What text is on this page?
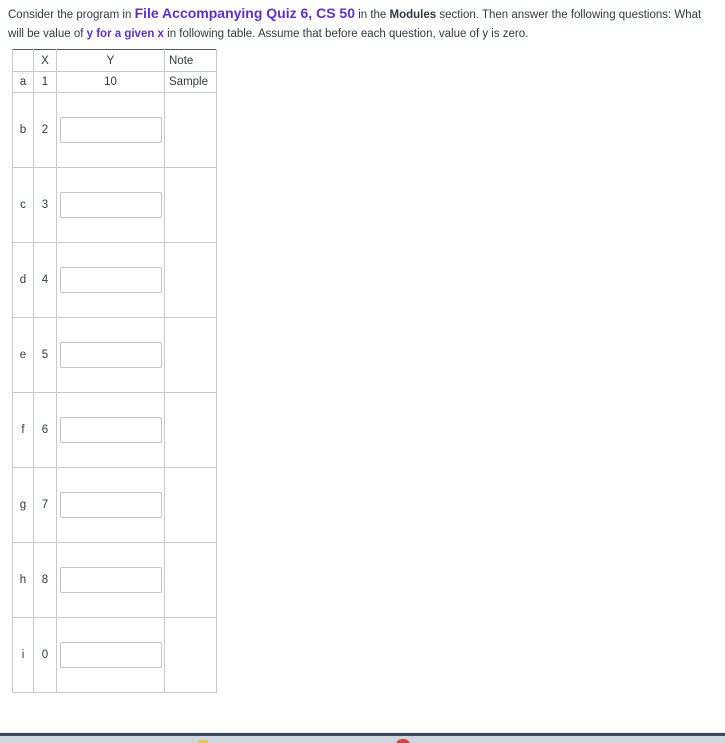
Consider the program in File Accompanying Quiz 6, CS 50 in the Modules section. Then answer the following questions: What will be value of y for a given x in following table. Assume that before each question, value of y is zero.
	X	Y	Note
a	1	10	Sample
b	2	

c	3	

d	4	

e	5	

f	6	

g	7	

h	8	

i	0	
